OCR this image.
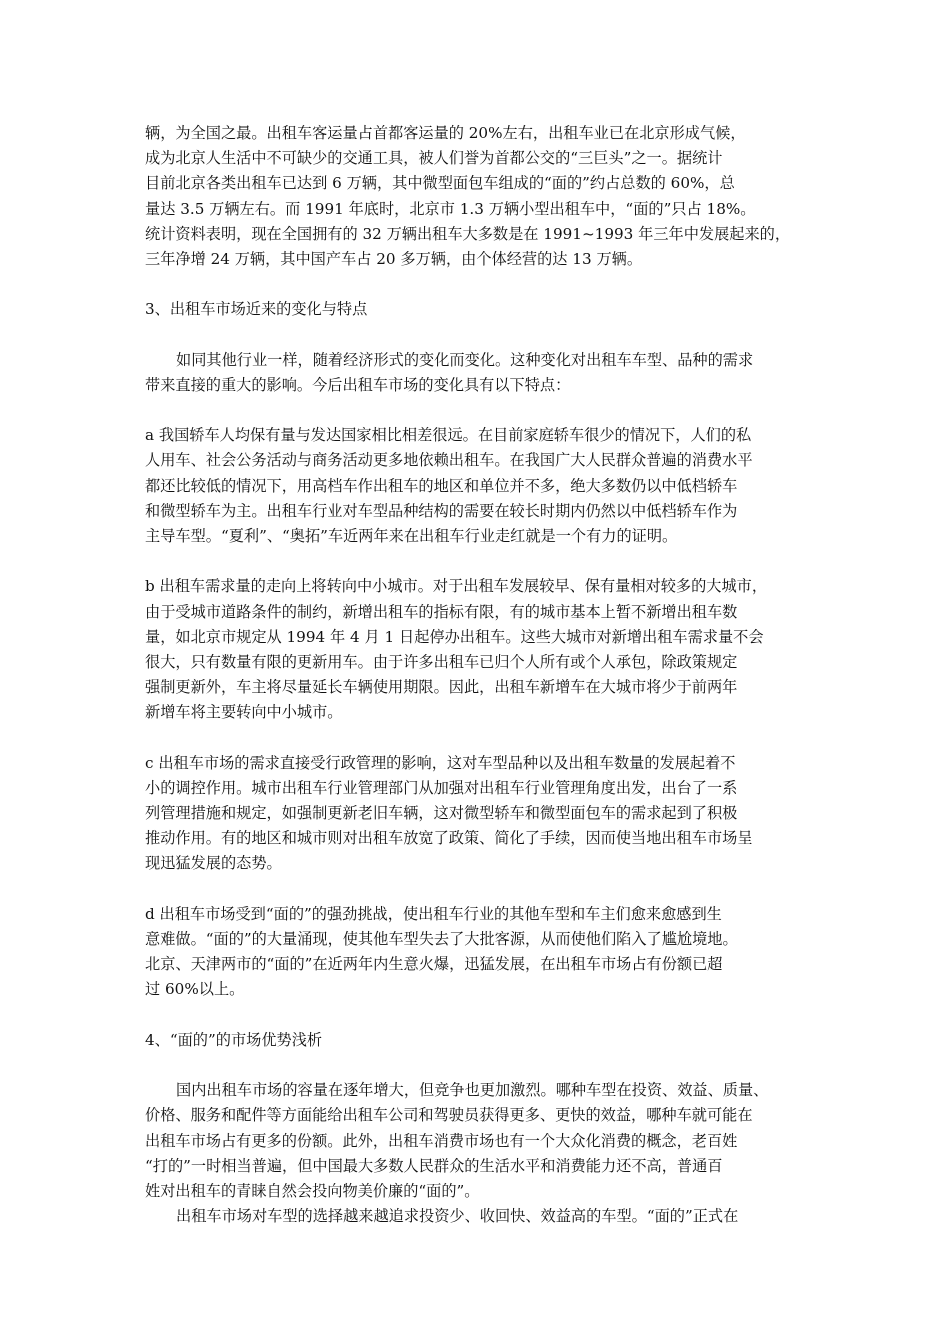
辆，为全国之最。出租车客运量占首都客运量的 20%左右，出租车业已在北京形成气候，
成为北京人生活中不可缺少的交通工具，被人们誉为首都公交的“三巨头”之一。据统计
目前北京各类出租车已达到 6 万辆，其中微型面包车组成的“面的”约占总数的 60%，总
量达 3.5 万辆左右。而 1991 年底时，北京市 1.3 万辆小型出租车中，“面的”只占 18%。
统计资料表明，现在全国拥有的 32 万辆出租车大多数是在 1991~1993 年三年中发展起来的，
三年净增 24 万辆，其中国产车占 20 多万辆，由个体经营的达 13 万辆。
3、出租车市场近来的变化与特点
如同其他行业一样，随着经济形式的变化而变化。这种变化对出租车车型、品种的需求
带来直接的重大的影响。今后出租车市场的变化具有以下特点：
a 我国轿车人均保有量与发达国家相比相差很远。在目前家庭轿车很少的情况下，人们的私
人用车、社会公务活动与商务活动更多地依赖出租车。在我国广大人民群众普遍的消费水平
都还比较低的情况下，用高档车作出租车的地区和单位并不多，绝大多数仍以中低档轿车
和微型轿车为主。出租车行业对车型品种结构的需要在较长时期内仍然以中低档轿车作为
主导车型。“夏利”、“奥拓”车近两年来在出租车行业走红就是一个有力的证明。
b 出租车需求量的走向上将转向中小城市。对于出租车发展较早、保有量相对较多的大城市，
由于受城市道路条件的制约，新增出租车的指标有限，有的城市基本上暂不新增出租车数
量，如北京市规定从 1994 年 4 月 1 日起停办出租车。这些大城市对新增出租车需求量不会
很大，只有数量有限的更新用车。由于许多出租车已归个人所有或个人承包，除政策规定
强制更新外，车主将尽量延长车辆使用期限。因此，出租车新增车在大城市将少于前两年
新增车将主要转向中小城市。
c 出租车市场的需求直接受行政管理的影响，这对车型品种以及出租车数量的发展起着不
小的调控作用。城市出租车行业管理部门从加强对出租车行业管理角度出发，出台了一系
列管理措施和规定，如强制更新老旧车辆，这对微型轿车和微型面包车的需求起到了积极
推动作用。有的地区和城市则对出租车放宽了政策、简化了手续，因而使当地出租车市场呈
现迅猛发展的态势。
d 出租车市场受到“面的”的强劲挑战，使出租车行业的其他车型和车主们愈来愈感到生
意难做。“面的”的大量涌现，使其他车型失去了大批客源，从而使他们陷入了尴尬境地。
北京、天津两市的“面的”在近两年内生意火爆，迅猛发展，在出租车市场占有份额已超
过 60%以上。
4、“面的”的市场优势浅析
国内出租车市场的容量在逐年增大，但竞争也更加激烈。哪种车型在投资、效益、质量、
价格、服务和配件等方面能给出租车公司和驾驶员获得更多、更快的效益，哪种车就可能在
出租车市场占有更多的份额。此外，出租车消费市场也有一个大众化消费的概念，老百姓
“打的”一时相当普遍，但中国最大多数人民群众的生活水平和消费能力还不高，普通百
姓对出租车的青睐自然会投向物美价廉的“面的”。
出租车市场对车型的选择越来越追求投资少、收回快、效益高的车型。“面的”正式在
